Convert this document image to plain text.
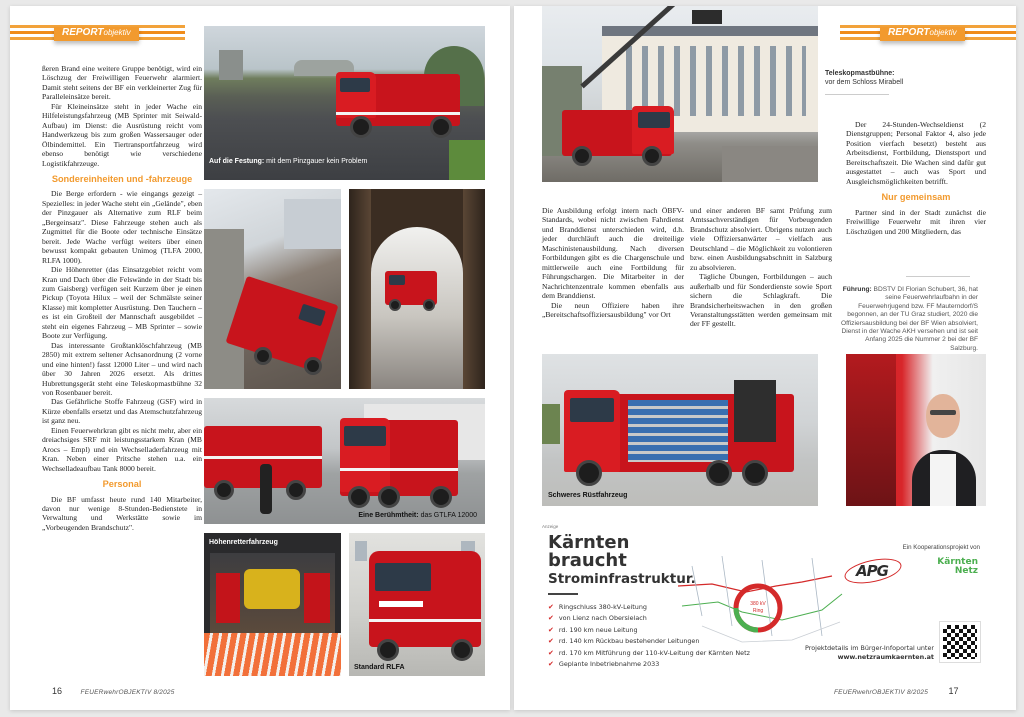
REPORTobjektiv

ßeren Brand eine weitere Gruppe benötigt, wird ein Löschzug der Freiwilligen Feuerwehr alarmiert. Damit steht seitens der BF ein verkleinerter Zug für Paralleleinsätze bereit.

Für Kleineinsätze steht in jeder Wache ein Hilfeleistungsfahrzeug (MB Sprinter mit Seiwald-Aufbau) im Dienst: die Ausrüstung reicht vom Handwerkzeug bis zum großen Wassersauger oder Ölbindemittel. Ein Tiertransportfahrzeug wird ebenso benötigt wie verschiedene Logistikfahrzeuge.

Sondereinheiten und -fahrzeuge

Die Berge erfordern - wie eingangs gezeigt – Spezielles: in jeder Wache steht ein „Gelände", eben der Pinzgauer als Alternative zum RLF beim „Bergeinsatz". Diese Fahrzeuge stehen auch als Zugmittel für die Boote oder technische Einsätze bereit. Jede Wache verfügt weiters über einen bewusst kompakt gebauten Unimog (TLFA 2000, RLFA 1000).

Die Höhenretter (das Einsatzgebiet reicht vom Kran und Dach über die Felswände in der Stadt bis zum Gaisberg) verfügen seit Kurzem über je einen Pickup (Toyota Hilux – weil der Schmälste seiner Klasse) mit kompletter Ausrüstung. Den Tauchern – es ist ein Großteil der Mannschaft ausgebildet – steht ein eigenes Fahrzeug – MB Sprinter – sowie Boote zur Verfügung.

Das interessante Großtanklöschfahrzeug (MB 2850) mit extrem seltener Achsanordnung (2 vorne und eine hinten!) fasst 12000 Liter – und wird nach über 30 Jahren 2026 ersetzt. Als drittes Hubrettungsgerät steht eine Teleskopmastbühne 32 von Rosenbauer bereit.

Das Gefährliche Stoffe Fahrzeug (GSF) wird in Kürze ebenfalls ersetzt und das Atemschutzfahrzeug ist ganz neu.

Einen Feuerwehrkran gibt es nicht mehr, aber ein dreiachsiges SRF mit leistungsstarkem Kran (MB Arocs – Empl) und ein Wechselladerfahrzeug mit Kran. Neben einer Pritsche stehen u.a. ein Wechselladeaufbau Tank 8000 bereit.

Personal

Die BF umfasst heute rund 140 Mitarbeiter, davon nur wenige 8-Stunden-Bedienstete in Verwaltung und Werkstätte sowie im „Vorbeugenden Brandschutz".

Auf die Festung: mit dem Pinzgauer kein Problem
Eine Berühmtheit: das GTLFA 12000
Höhenretterfahrzeug
Standard RLFA
16	FEUERwehrOBJEKTIV 8/2025
REPORTobjektiv
Teleskopmastbühne:
vor dem Schloss Mirabell

Der 24-Stunden-Wechseldienst (2 Dienstgruppen; Personal Faktor 4, also jede Position vierfach besetzt) besteht aus Arbeitsdienst, Fortbildung, Dienstsport und Bereitschaftszeit. Die Wachen sind dafür gut ausgestattet – auch was Sport und Ausgleichsmöglichkeiten betrifft.

Nur gemeinsam

Partner sind in der Stadt zunächst die Freiwillige Feuerwehr mit ihren vier Löschzügen und 200 Mitgliedern, das

Führung: BDSTV DI Florian Schubert, 36, hat seine Feuerwehrlaufbahn in der Feuerwehrjugend bzw. FF Mauterndorf/S begonnen, an der TU Graz studiert, 2020 die Offiziersausbildung bei der BF Wien absolviert, Dienst in der Wache AKH versehen und ist seit Anfang 2025 die Nummer 2 bei der BF Salzburg.

Die Ausbildung erfolgt intern nach ÖBFV-Standards, wobei nicht zwischen Fahrdienst und Branddienst unterschieden wird, d.h. jeder durchläuft auch die dreiteilige Maschinistenausbildung. Nach diversen Fortbildungen gibt es die Chargenschule und mittlerweile auch eine Fortbildung für Führungschargen. Die Mitarbeiter in der Nachrichtenzentrale kommen ebenfalls aus dem Branddienst.

Die neun Offiziere haben ihre „Bereitschaftsoffiziersausbildung" vor Ort

und einer anderen BF samt Prüfung zum Amtssachverständigen für Vorbeugenden Brandschutz absolviert. Übrigens nutzen auch viele Offiziersanwärter – vielfach aus Deutschland – die Möglichkeit zu volontieren bzw. einen Ausbildungsabschnitt in Salzburg zu absolvieren.

Tägliche Übungen, Fortbildungen – auch außerhalb und für Sonderdienste sowie Sport sichern die Schlagkraft. Die Brandsicherheitswachen in den großen Veranstaltungsstätten werden gemeinsam mit der FF gestellt.

Schweres Rüstfahrzeug
Anzeige
Kärnten
braucht
Strominfrastruktur.
✔ Ringschluss 380-kV-Leitung
✔ von Lienz nach Obersielach
✔ rd. 190 km neue Leitung
✔ rd. 140 km Rückbau bestehender Leitungen
✔ rd. 170 km Mitführung der 110-kV-Leitung der Kärnten Netz
✔ Geplante Inbetriebnahme 2033
380 kV
Ring
Ein Kooperationsprojekt von
APG	Kärnten
Netz
Projektdetails im Bürger-Infoportal unter
www.netzraumkaernten.at
FEUERwehrOBJEKTIV 8/2025 17
